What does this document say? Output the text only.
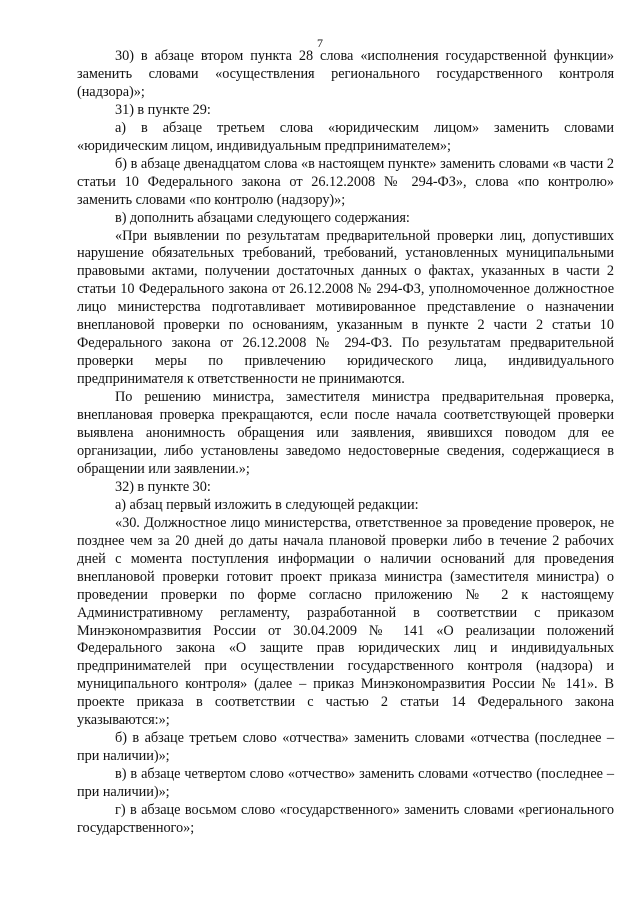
7

30) в абзаце втором пункта 28 слова «исполнения государственной функции» заменить словами «осуществления регионального государственного контроля (надзора)»;

31) в пункте 29:

а) в абзаце третьем слова «юридическим лицом» заменить словами «юридическим лицом, индивидуальным предпринимателем»;

б) в абзаце двенадцатом слова «в настоящем пункте» заменить словами «в части 2 статьи 10 Федерального закона от 26.12.2008 № 294-ФЗ», слова «по контролю» заменить словами «по контролю (надзору)»;

в) дополнить абзацами следующего содержания:

«При выявлении по результатам предварительной проверки лиц, допустивших нарушение обязательных требований, требований, установленных муниципальными правовыми актами, получении достаточных данных о фактах, указанных в части 2 статьи 10 Федерального закона от 26.12.2008 № 294-ФЗ, уполномоченное должностное лицо министерства подготавливает мотивированное представление о назначении внеплановой проверки по основаниям, указанным в пункте 2 части 2 статьи 10 Федерального закона от 26.12.2008 № 294-ФЗ. По результатам предварительной проверки меры по привлечению юридического лица, индивидуального предпринимателя к ответственности не принимаются.

По решению министра, заместителя министра предварительная проверка, внеплановая проверка прекращаются, если после начала соответствующей проверки выявлена анонимность обращения или заявления, явившихся поводом для ее организации, либо установлены заведомо недостоверные сведения, содержащиеся в обращении или заявлении.»;

32) в пункте 30:

а) абзац первый изложить в следующей редакции:

«30. Должностное лицо министерства, ответственное за проведение проверок, не позднее чем за 20 дней до даты начала плановой проверки либо в течение 2 рабочих дней с момента поступления информации о наличии оснований для проведения внеплановой проверки готовит проект приказа министра (заместителя министра) о проведении проверки по форме согласно приложению № 2 к настоящему Административному регламенту, разработанной в соответствии с приказом Минэкономразвития России от 30.04.2009 № 141 «О реализации положений Федерального закона «О защите прав юридических лиц и индивидуальных предпринимателей при осуществлении государственного контроля (надзора) и муниципального контроля» (далее – приказ Минэкономразвития России № 141». В проекте приказа в соответствии с частью 2 статьи 14 Федерального закона указываются:»;

б) в абзаце третьем слово «отчества» заменить словами «отчества (последнее – при наличии)»;

в) в абзаце четвертом слово «отчество» заменить словами «отчество (последнее – при наличии)»;

г) в абзаце восьмом слово «государственного» заменить словами «регионального государственного»;
